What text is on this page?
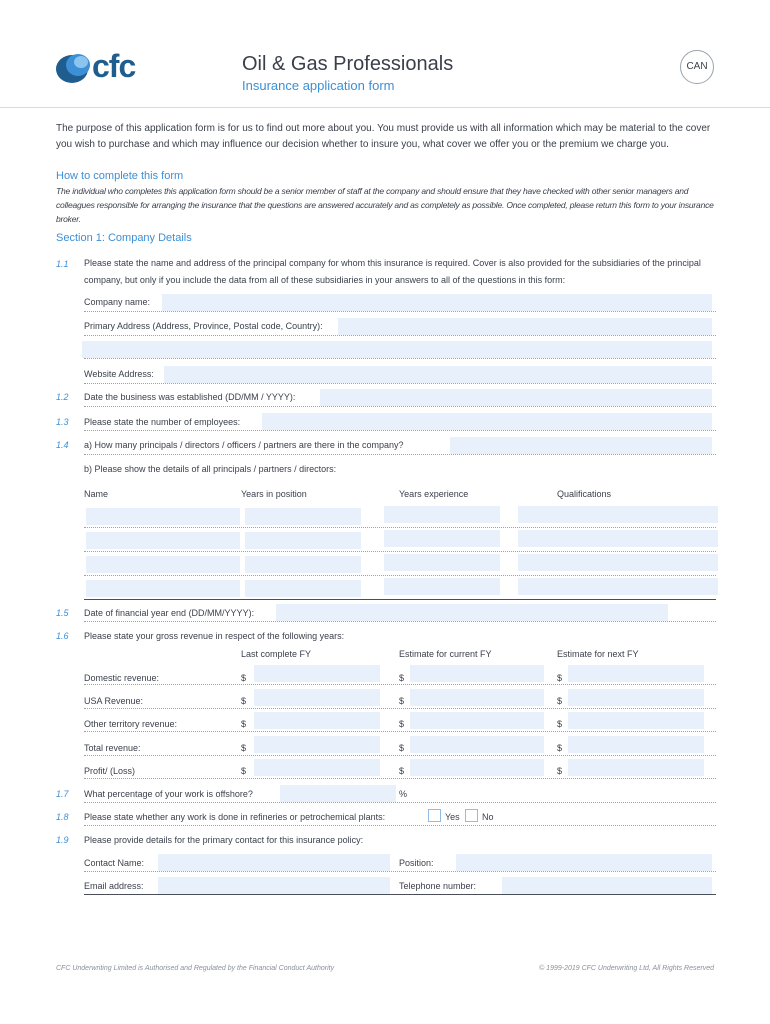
cfc	Oil & Gas Professionals
Insurance application form
CAN

The purpose of this application form is for us to find out more about you. You must provide us with all information which may be material to the cover you wish to purchase and which may influence our decision whether to insure you, what cover we offer you or the premium we charge you.

How to complete this form

The individual who completes this application form should be a senior member of staff at the company and should ensure that they have checked with other senior managers and colleagues responsible for arranging the insurance that the questions are answered accurately and as completely as possible. Once completed, please return this form to your insurance broker.

Section 1: Company Details
1.1 Please state the name and address of the principal company for whom this insurance is required. Cover is also provided for the subsidiaries of the principal company, but only if you include the data from all of these subsidiaries in your answers to all of the questions in this form:

Company name:
Primary Address (Address, Province, Postal code, Country):
Website Address:
1.2 Date the business was established (DD/MM / YYYY):
1.3 Please state the number of employees:
1.4 a) How many principals / directors / officers / partners are there in the company?
b) Please show the details of all principals / partners / directors:
Name	Years in position	Years experience	Qualifications
1.5 Date of financial year end (DD/MM/YYYY):
1.6 Please state your gross revenue in respect of the following years:
Last complete FY	Estimate for current FY	Estimate for next FY
Domestic revenue:	$	$	$
USA Revenue:	$	$	$
Other territory revenue:	$	$	$
Total revenue:	$	$	$
Profit/ (Loss)	$	$	$
1.7 What percentage of your work is offshore?	%
1.8 Please state whether any work is done in refineries or petrochemical plants:	Yes No
1.9 Please provide details for the primary contact for this insurance policy:
Contact Name:	Position:
Email address:	Telephone number:
CFC Underwriting Limited is Authorised and Regulated by the Financial Conduct Authority	© 1999-2019 CFC Underwriting Ltd, All Rights Reserved
